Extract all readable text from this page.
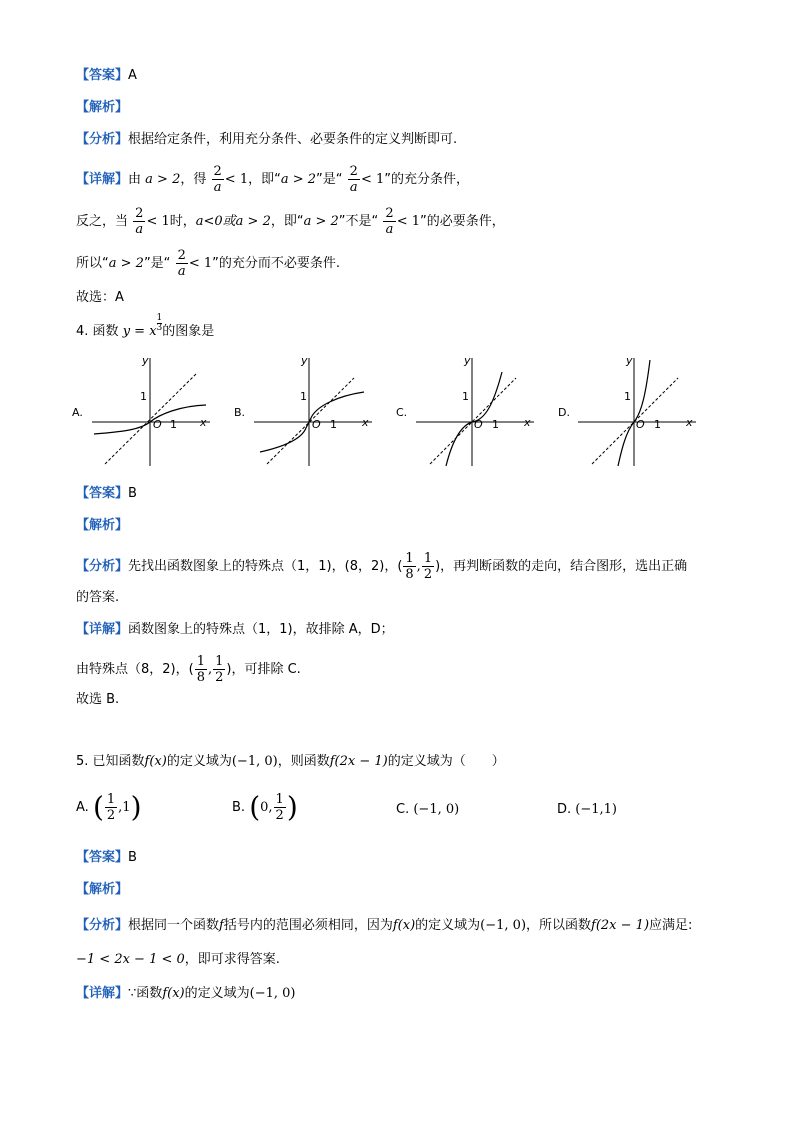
【答案】A
【解析】
【分析】根据给定条件，利用充分条件、必要条件的定义判断即可.
【详解】由 a > 2，得 $\frac{2}{a} < 1$，即“a > 2”是“ $\frac{2}{a} < 1$”的充分条件，
反之，当 $\frac{2}{a} < 1$时，a<0或a > 2，即“a > 2”不是“ $\frac{2}{a} < 1$”的必要条件，
所以“a > 2”是“ $\frac{2}{a} < 1$”的充分而不必要条件.
故选：A
4. 函数 y = x $\frac{1}{3}$ 的图象是
A.
y
x
O 1
1
B.
y
x
O 1
1
C.
y
x
O 1
1
D.
y
x
O 1
1
【答案】B
【解析】
【分析】先找出函数图象上的特殊点（1，1)，(8，2)，( $\frac{1}{8}$ , $\frac{1}{2}$ )，再判断函数的走向，结合图形，选出正确
的答案.
【详解】函数图象上的特殊点（1，1)，故排除 A，D；
由特殊点（8，2)，( $\frac{1}{8}$ , $\frac{1}{2}$ )，可排除 C.
故选 B.
5. 已知函数f(x)的定义域为(−1, 0)，则函数f(2x − 1)的定义域为（　　）
A. ( $\frac{1}{2} ,1$)	B. (0, $\frac{1}{2}$ )	C. (−1, 0)	D. (−1,1)
【答案】B
【解析】
【分析】根据同一个函数f括号内的范围必须相同，因为f(x)的定义域为(−1, 0)，所以函数f(2x − 1)应满足:
−1 < 2x − 1 < 0，即可求得答案.
【详解】∵函数f(x)的定义域为(−1, 0)
